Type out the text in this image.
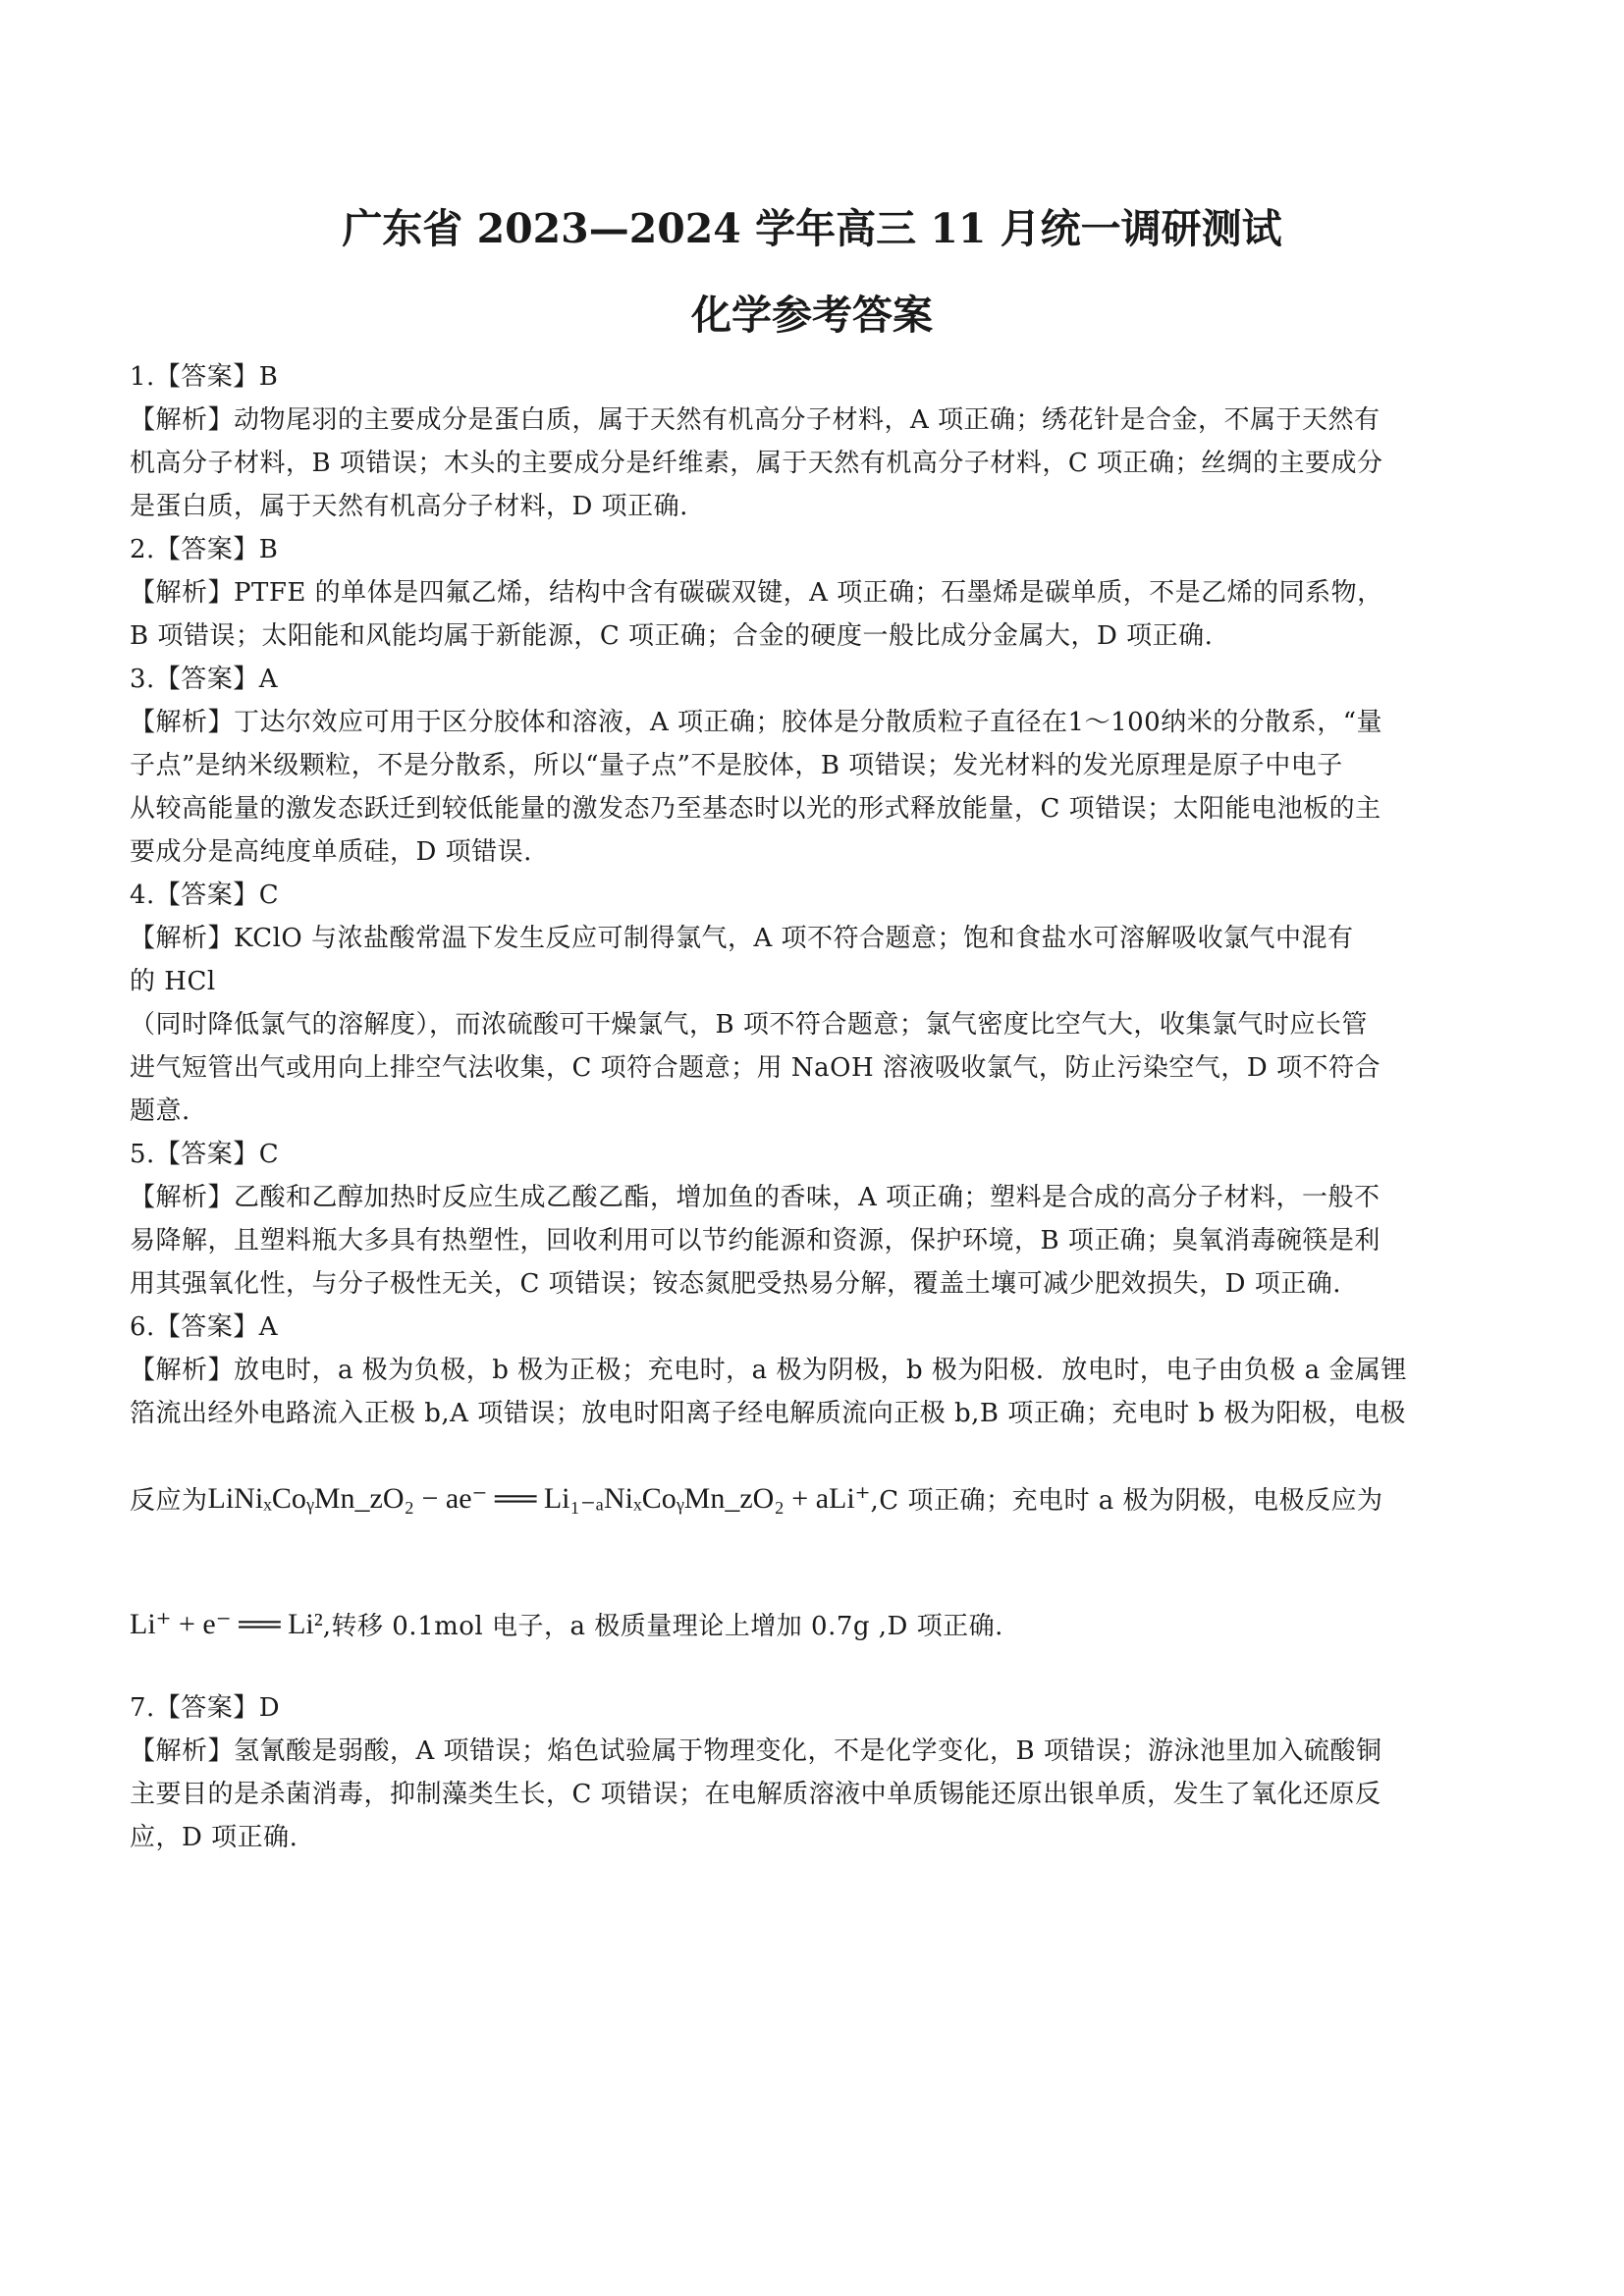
广东省 2023—2024 学年高三 11 月统一调研测试
化学参考答案
1.【答案】B
【解析】动物尾羽的主要成分是蛋白质，属于天然有机高分子材料，A 项正确；绣花针是合金，不属于天然有
机高分子材料，B 项错误；木头的主要成分是纤维素，属于天然有机高分子材料，C 项正确；丝绸的主要成分
是蛋白质，属于天然有机高分子材料，D 项正确.
2.【答案】B
【解析】PTFE 的单体是四氟乙烯，结构中含有碳碳双键，A 项正确；石墨烯是碳单质，不是乙烯的同系物，
B 项错误；太阳能和风能均属于新能源，C 项正确；合金的硬度一般比成分金属大，D 项正确.
3.【答案】A
【解析】丁达尔效应可用于区分胶体和溶液，A 项正确；胶体是分散质粒子直径在1～100纳米的分散系，“量
子点”是纳米级颗粒，不是分散系，所以“量子点”不是胶体，B 项错误；发光材料的发光原理是原子中电子
从较高能量的激发态跃迁到较低能量的激发态乃至基态时以光的形式释放能量，C 项错误；太阳能电池板的主
要成分是高纯度单质硅，D 项错误.
4.【答案】C
【解析】KClO 与浓盐酸常温下发生反应可制得氯气，A 项不符合题意；饱和食盐水可溶解吸收氯气中混有
的 HCl
（同时降低氯气的溶解度），而浓硫酸可干燥氯气，B 项不符合题意；氯气密度比空气大，收集氯气时应长管
进气短管出气或用向上排空气法收集，C 项符合题意；用 NaOH 溶液吸收氯气，防止污染空气，D 项不符合
题意.
5.【答案】C
【解析】乙酸和乙醇加热时反应生成乙酸乙酯，增加鱼的香味，A 项正确；塑料是合成的高分子材料，一般不
易降解，且塑料瓶大多具有热塑性，回收利用可以节约能源和资源，保护环境，B 项正确；臭氧消毒碗筷是利
用其强氧化性，与分子极性无关，C 项错误；铵态氮肥受热易分解，覆盖土壤可减少肥效损失，D 项正确.
6.【答案】A
【解析】放电时，a 极为负极，b 极为正极；充电时，a 极为阴极，b 极为阳极．放电时，电子由负极 a 金属锂
箔流出经外电路流入正极 b,A 项错误；放电时阳离子经电解质流向正极 b,B 项正确；充电时 b 极为阳极，电极
反应为 LiNiₓCoᵧMn_zO₂ − ae⁻ ══ Li₁₋ₐNiₓCoᵧMn_zO₂ + aLi⁺ ,C 项正确；充电时 a 极为阴极，电极反应为
Li⁺ + e⁻ ══ Li² ,转移 0.1mol 电子，a 极质量理论上增加 0.7g ,D 项正确.
7.【答案】D
【解析】氢氰酸是弱酸，A 项错误；焰色试验属于物理变化，不是化学变化，B 项错误；游泳池里加入硫酸铜
主要目的是杀菌消毒，抑制藻类生长，C 项错误；在电解质溶液中单质锡能还原出银单质，发生了氧化还原反
应，D 项正确.
